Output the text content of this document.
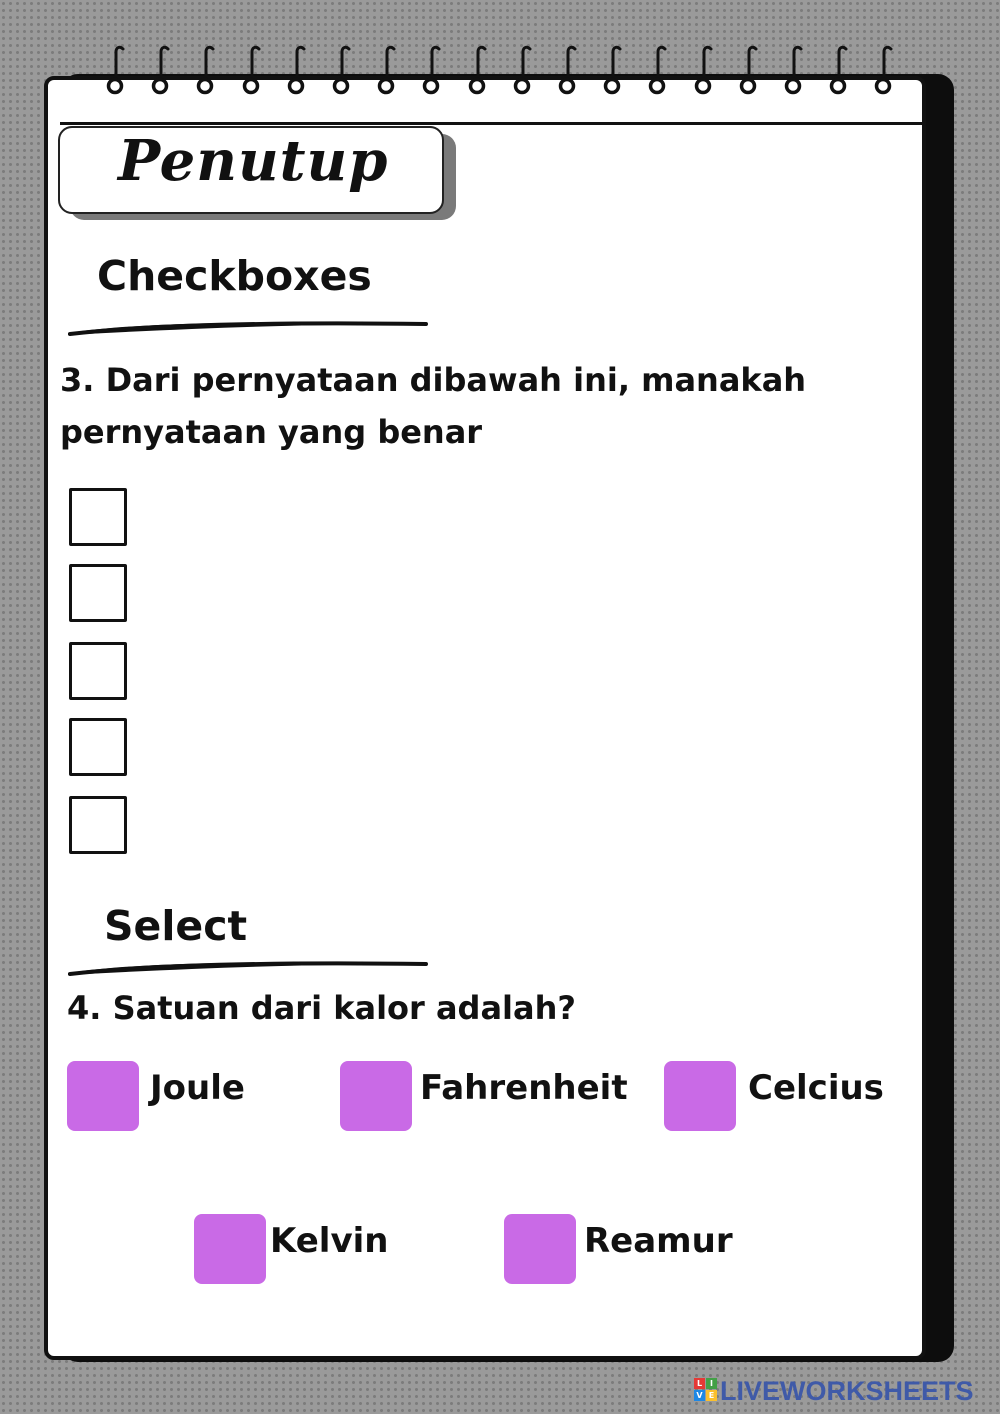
Penutup
Checkboxes
3. Dari pernyataan dibawah ini, manakah
pernyataan yang benar
Select
4. Satuan dari kalor adalah?
Joule	Fahrenheit	Celcius
Kelvin	Reamur
L I
V E LIVEWORKSHEETS
